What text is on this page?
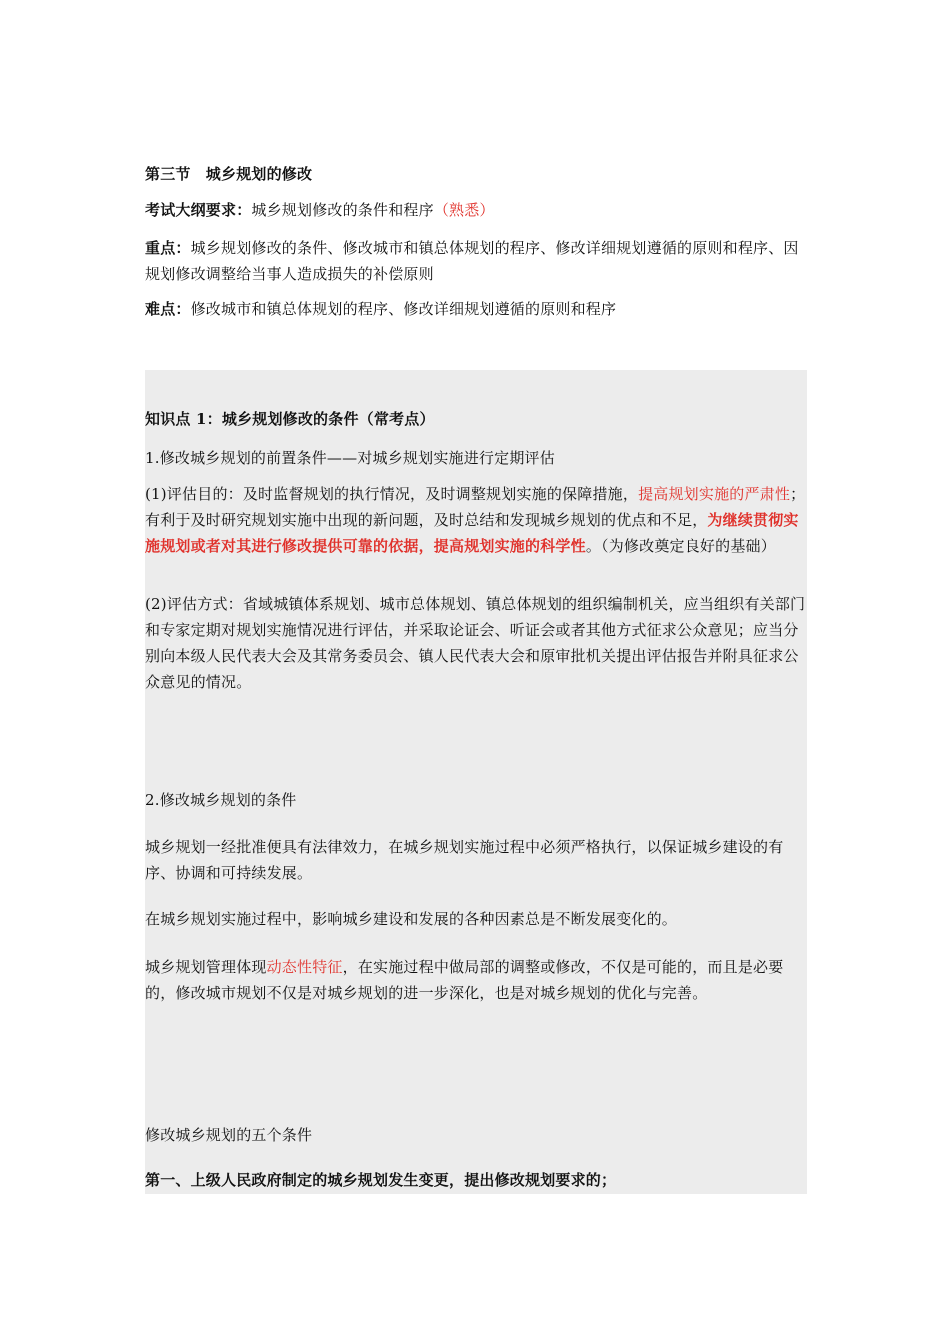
第三节　城乡规划的修改

考试大纲要求：城乡规划修改的条件和程序（熟悉）

重点：城乡规划修改的条件、修改城市和镇总体规划的程序、修改详细规划遵循的原则和程序、因规划修改调整给当事人造成损失的补偿原则

难点：修改城市和镇总体规划的程序、修改详细规划遵循的原则和程序

知识点 1：城乡规划修改的条件（常考点）

1.修改城乡规划的前置条件——对城乡规划实施进行定期评估

(1)评估目的：及时监督规划的执行情况，及时调整规划实施的保障措施，提高规划实施的严肃性；有利于及时研究规划实施中出现的新问题，及时总结和发现城乡规划的优点和不足，为继续贯彻实施规划或者对其进行修改提供可靠的依据，提高规划实施的科学性。（为修改奠定良好的基础）

(2)评估方式：省域城镇体系规划、城市总体规划、镇总体规划的组织编制机关，应当组织有关部门和专家定期对规划实施情况进行评估，并采取论证会、听证会或者其他方式征求公众意见；应当分别向本级人民代表大会及其常务委员会、镇人民代表大会和原审批机关提出评估报告并附具征求公众意见的情况。

2.修改城乡规划的条件

城乡规划一经批准便具有法律效力，在城乡规划实施过程中必须严格执行，以保证城乡建设的有序、协调和可持续发展。

在城乡规划实施过程中，影响城乡建设和发展的各种因素总是不断发展变化的。

城乡规划管理体现动态性特征，在实施过程中做局部的调整或修改，不仅是可能的，而且是必要的，修改城市规划不仅是对城乡规划的进一步深化，也是对城乡规划的优化与完善。

修改城乡规划的五个条件

第一、上级人民政府制定的城乡规划发生变更，提出修改规划要求的；
